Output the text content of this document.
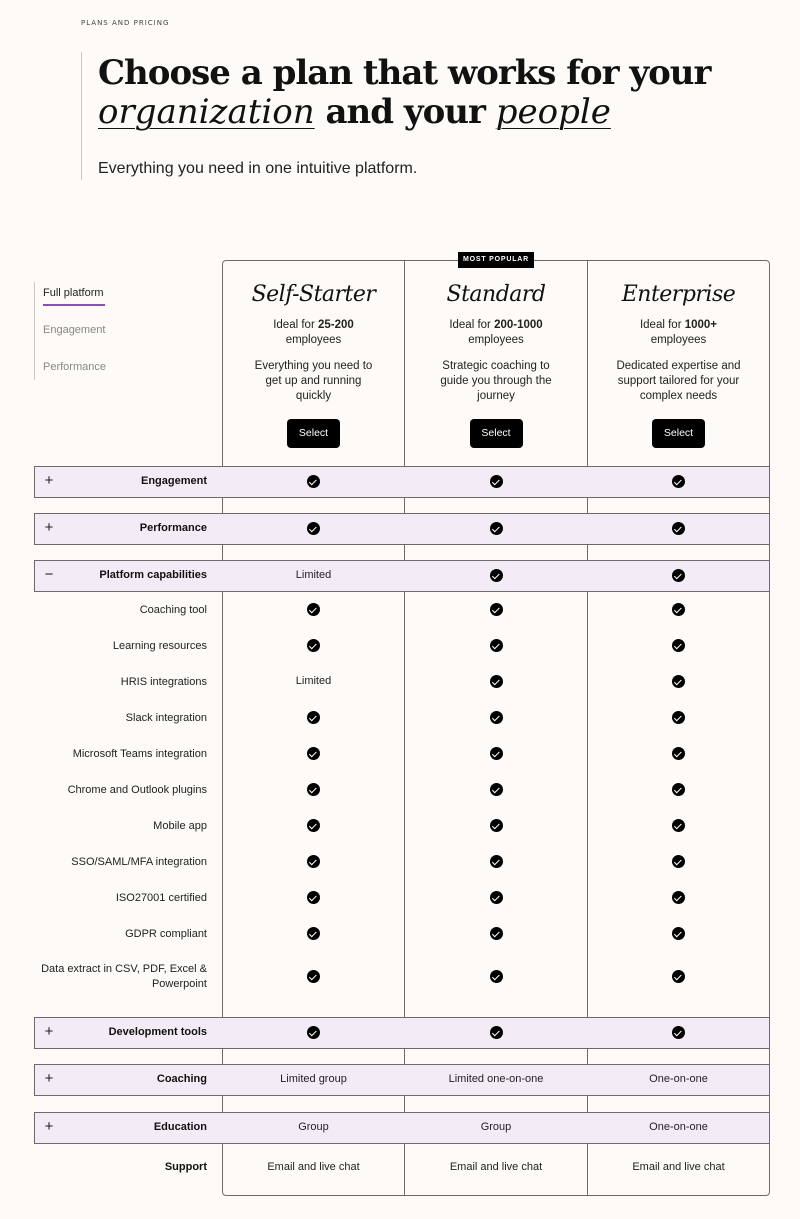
PLANS AND PRICING
Choose a plan that works for your
organization and your people

Everything you need in one intuitive platform.

Full platform
Engagement
Performance
MOST POPULAR
Self-Starter
Ideal for 25-200
employees
Everything you need to get up and running quickly
Select
Standard
Ideal for 200-1000
employees
Strategic coaching to guide you through the journey
Select
Enterprise
Ideal for 1000+
employees
Dedicated expertise and support tailored for your complex needs
Select
+	Engagement
+	Performance
−	Platform capabilities	Limited
Coaching tool
Learning resources
HRIS integrations	Limited
Slack integration
Microsoft Teams integration
Chrome and Outlook plugins
Mobile app
SSO/SAML/MFA integration
ISO27001 certified
GDPR compliant
Data extract in CSV, PDF, Excel & Powerpoint
+	Development tools
+	Coaching	Limited group	Limited one-on-one	One-on-one
+	Education	Group	Group	One-on-one
Support	Email and live chat	Email and live chat	Email and live chat
